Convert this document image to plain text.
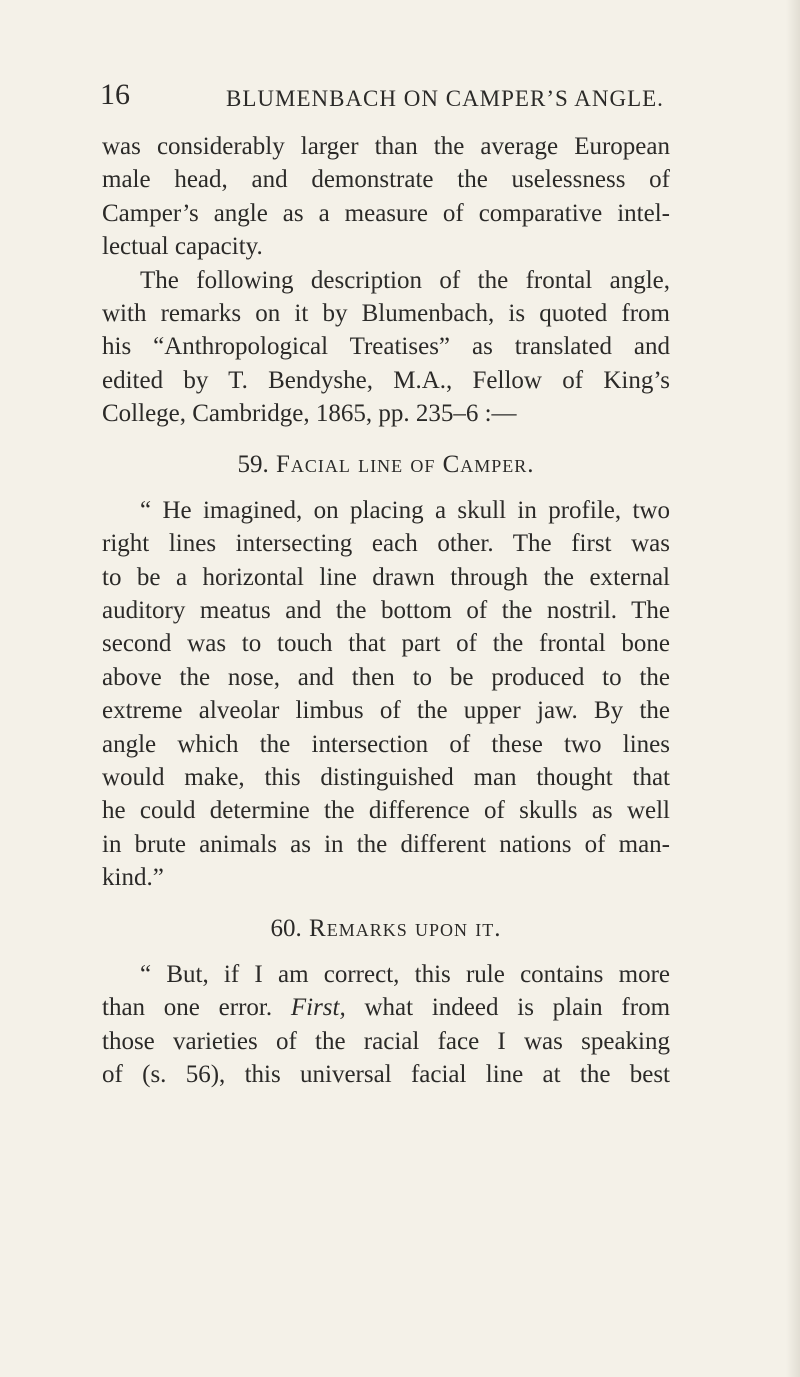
16	BLUMENBACH ON CAMPER’S ANGLE.
was considerably larger than the average European
male head, and demonstrate the uselessness of
Camper’s angle as a measure of comparative intel-
lectual capacity.
The following description of the frontal angle,
with remarks on it by Blumenbach, is quoted from
his “Anthropological Treatises” as translated and
edited by T. Bendyshe, M.A., Fellow of King’s
College, Cambridge, 1865, pp. 235–6 :—
59. Facial line of Camper.
“ He imagined, on placing a skull in profile, two
right lines intersecting each other. The first was
to be a horizontal line drawn through the external
auditory meatus and the bottom of the nostril. The
second was to touch that part of the frontal bone
above the nose, and then to be produced to the
extreme alveolar limbus of the upper jaw. By the
angle which the intersection of these two lines
would make, this distinguished man thought that
he could determine the difference of skulls as well
in brute animals as in the different nations of man-
kind.”
60. Remarks upon it.
“ But, if I am correct, this rule contains more
than one error. First, what indeed is plain from
those varieties of the racial face I was speaking
of (s. 56), this universal facial line at the best
